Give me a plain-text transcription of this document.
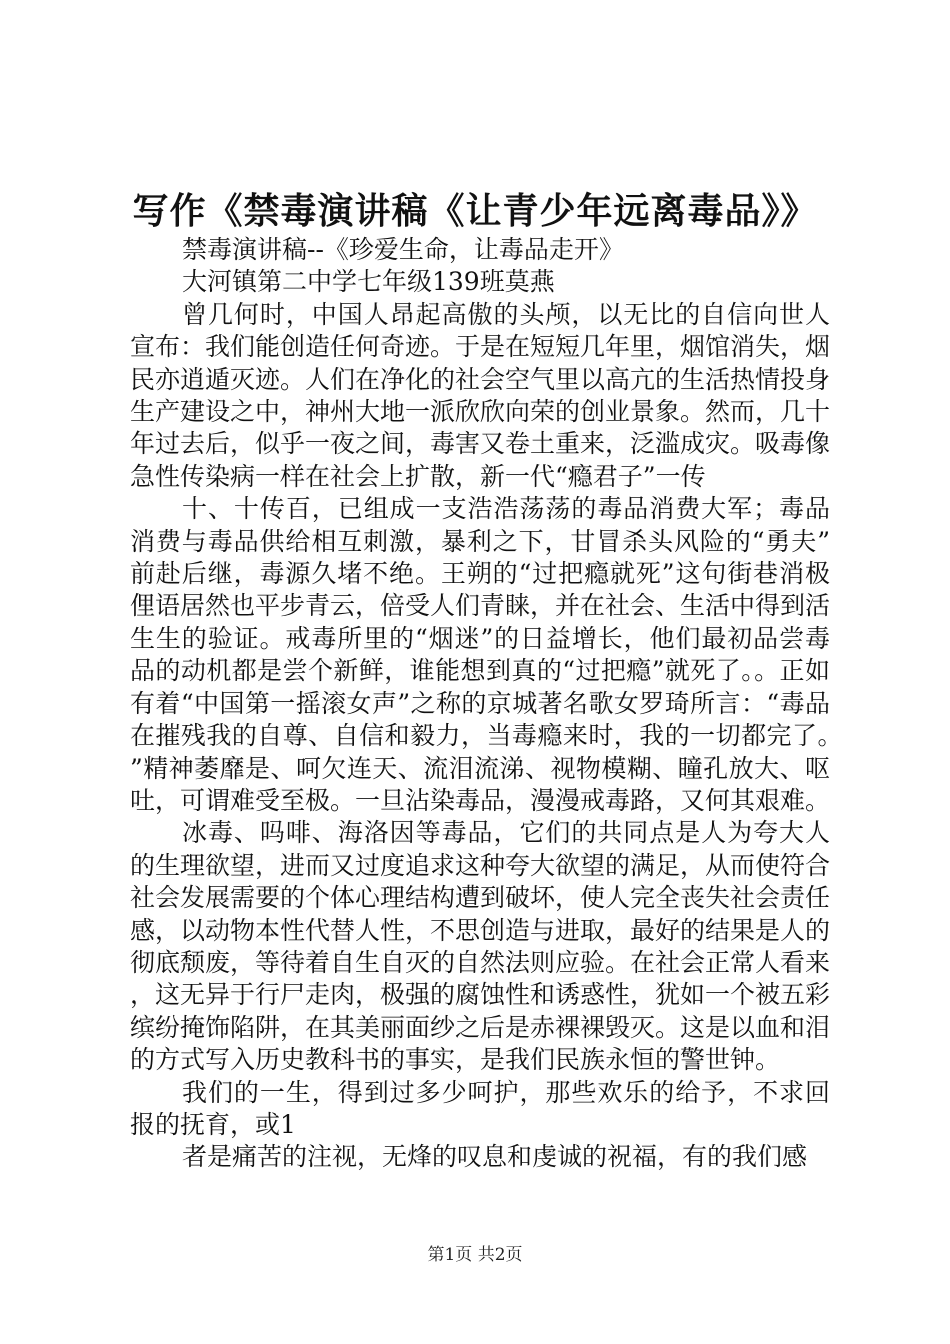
写作《禁毒演讲稿《让青少年远离毒品》》

禁毒演讲稿--《珍爱生命，让毒品走开》

大河镇第二中学七年级139班莫燕

曾几何时，中国人昂起高傲的头颅，以无比的自信向世人宣布：我们能创造任何奇迹。于是在短短几年里，烟馆消失，烟民亦逍遁灭迹。人们在净化的社会空气里以高亢的生活热情投身生产建设之中，神州大地一派欣欣向荣的创业景象。然而，几十年过去后，似乎一夜之间，毒害又卷土重来，泛滥成灾。吸毒像急性传染病一样在社会上扩散，新一代“瘾君子”一传

十、十传百，已组成一支浩浩荡荡的毒品消费大军；毒品消费与毒品供给相互刺激，暴利之下，甘冒杀头风险的“勇夫”前赴后继，毒源久堵不绝。王朔的“过把瘾就死”这句街巷消极俚语居然也平步青云，倍受人们青睐，并在社会、生活中得到活生生的验证。戒毒所里的“烟迷”的日益增长，他们最初品尝毒品的动机都是尝个新鲜，谁能想到真的“过把瘾”就死了。。正如有着“中国第一摇滚女声”之称的京城著名歌女罗琦所言：“毒品在摧残我的自尊、自信和毅力，当毒瘾来时，我的一切都完了。”精神萎靡是、呵欠连天、流泪流涕、视物模糊、瞳孔放大、呕吐，可谓难受至极。一旦沾染毒品，漫漫戒毒路，又何其艰难。

冰毒、吗啡、海洛因等毒品，它们的共同点是人为夸大人的生理欲望，进而又过度追求这种夸大欲望的满足，从而使符合社会发展需要的个体心理结构遭到破坏，使人完全丧失社会责任感，以动物本性代替人性，不思创造与进取，最好的结果是人的彻底颓废，等待着自生自灭的自然法则应验。在社会正常人看来，这无异于行尸走肉，极强的腐蚀性和诱惑性，犹如一个被五彩缤纷掩饰陷阱，在其美丽面纱之后是赤裸裸毁灭。这是以血和泪的方式写入历史教科书的事实，是我们民族永恒的警世钟。

我们的一生，得到过多少呵护，那些欢乐的给予，不求回报的抚育，或1

者是痛苦的注视，无烽的叹息和虔诚的祝福，有的我们感

第1页 共2页
